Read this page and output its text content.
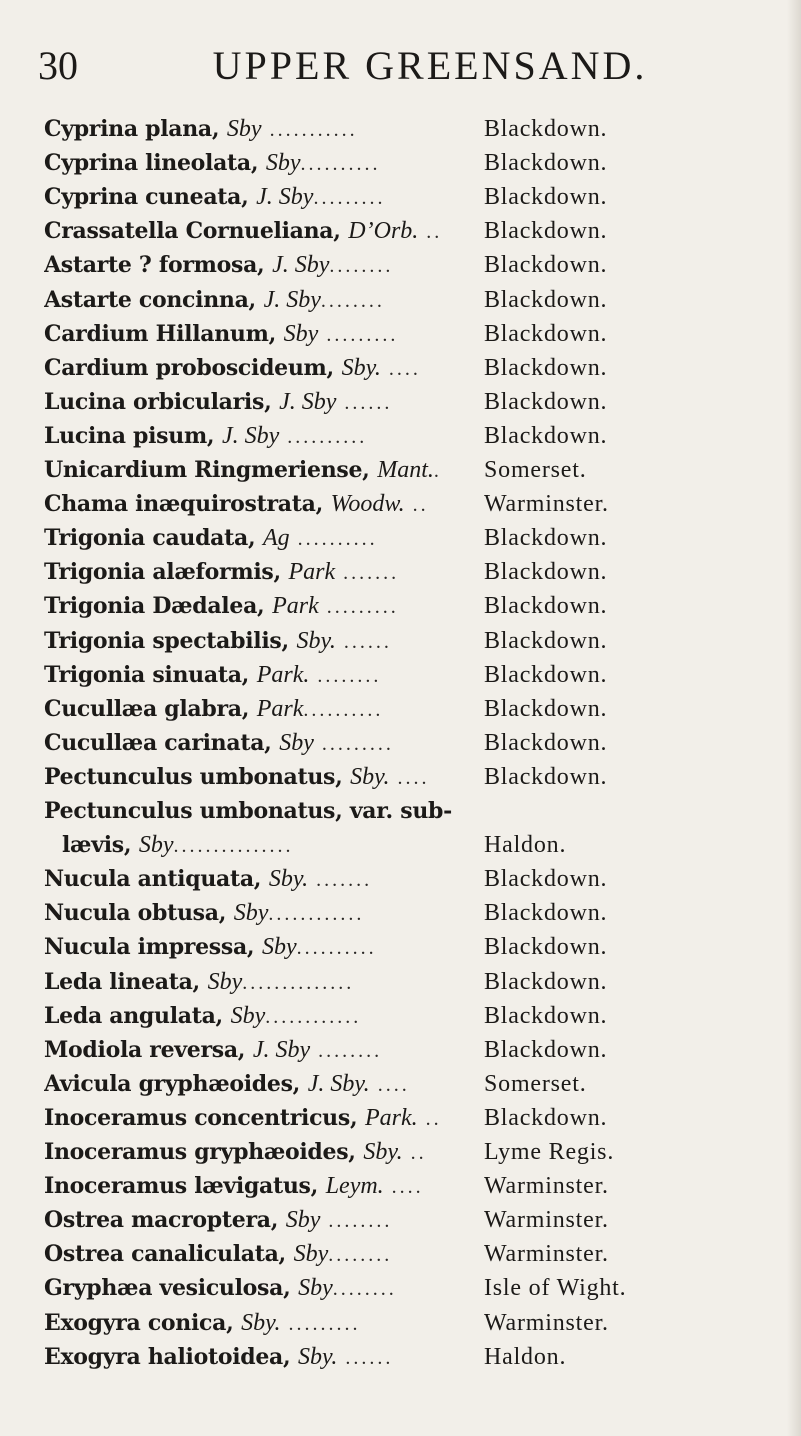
30	UPPER GREENSAND.
Cyprina plana, Sby ...........	Blackdown.
Cyprina lineolata, Sby..........	Blackdown.
Cyprina cuneata, J. Sby.........	Blackdown.
Crassatella Cornueliana, D’Orb. ..	Blackdown.
Astarte ? formosa, J. Sby........	Blackdown.
Astarte concinna, J. Sby........	Blackdown.
Cardium Hillanum, Sby .........	Blackdown.
Cardium proboscideum, Sby. ....	Blackdown.
Lucina orbicularis, J. Sby ......	Blackdown.
Lucina pisum, J. Sby ..........	Blackdown.
Unicardium Ringmeriense, Mant..	Somerset.
Chama inæquirostrata, Woodw. ..	Warminster.
Trigonia caudata, Ag ..........	Blackdown.
Trigonia alæformis, Park .......	Blackdown.
Trigonia Dædalea, Park .........	Blackdown.
Trigonia spectabilis, Sby. ......	Blackdown.
Trigonia sinuata, Park. ........	Blackdown.
Cucullæa glabra, Park..........	Blackdown.
Cucullæa carinata, Sby .........	Blackdown.
Pectunculus umbonatus, Sby. ....	Blackdown.
Pectunculus umbonatus, var. sub-
lævis, Sby...............	Haldon.
Nucula antiquata, Sby. .......	Blackdown.
Nucula obtusa, Sby............	Blackdown.
Nucula impressa, Sby..........	Blackdown.
Leda lineata, Sby..............	Blackdown.
Leda angulata, Sby............	Blackdown.
Modiola reversa, J. Sby ........	Blackdown.
Avicula gryphæoides, J. Sby. ....	Somerset.
Inoceramus concentricus, Park. ..	Blackdown.
Inoceramus gryphæoides, Sby. ..	Lyme Regis.
Inoceramus lævigatus, Leym. ....	Warminster.
Ostrea macroptera, Sby ........	Warminster.
Ostrea canaliculata, Sby........	Warminster.
Gryphæa vesiculosa, Sby........	Isle of Wight.
Exogyra conica, Sby. .........	Warminster.
Exogyra haliotoidea, Sby. ......	Haldon.
